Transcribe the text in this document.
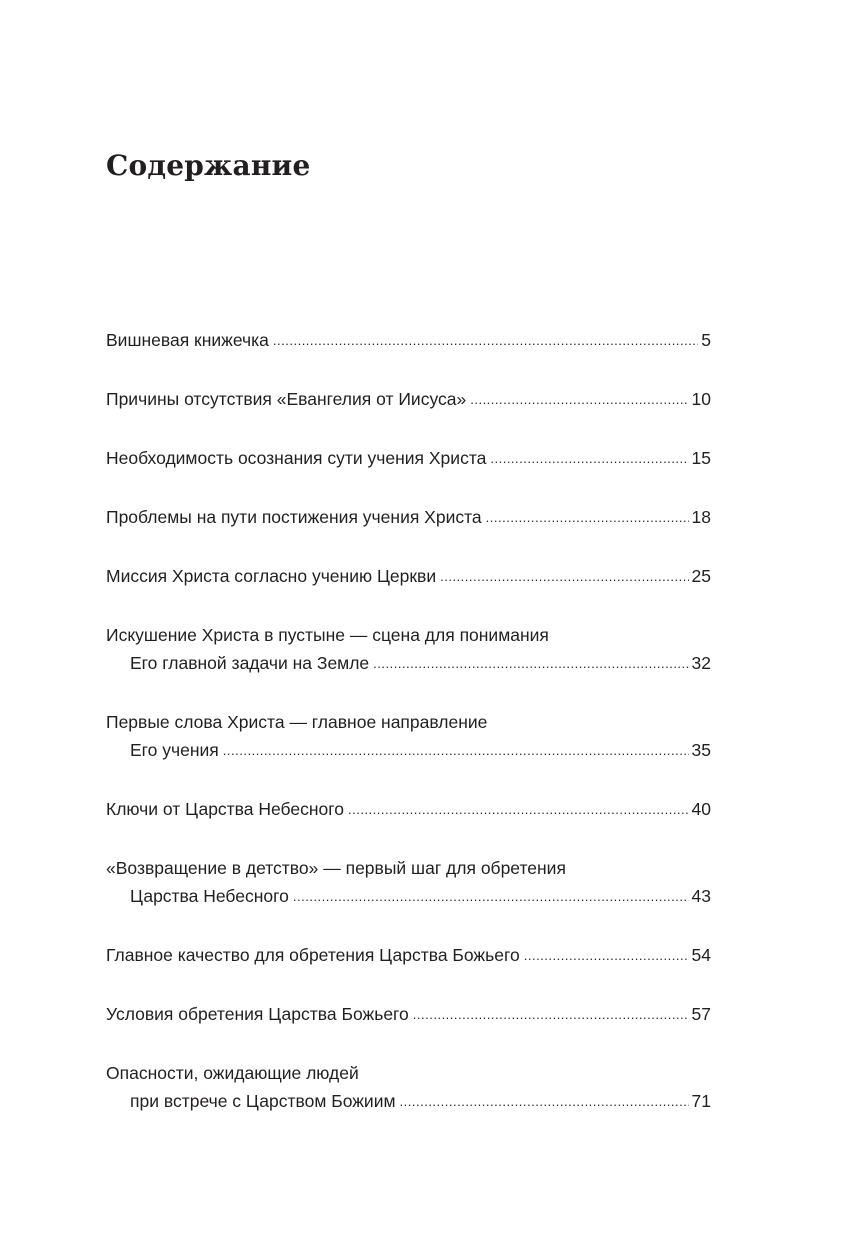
Содержание
Вишневая книжечка .....	5
Причины отсутствия «Евангелия от Иисуса» .....	10
Необходимость осознания сути учения Христа .....	15
Проблемы на пути постижения учения Христа .....	18
Миссия Христа согласно учению Церкви .....	25
Искушение Христа в пустыне — сцена для понимания
Его главной задачи на Земле .....	32
Первые слова Христа — главное направление
Его учения .....	35
Ключи от Царства Небесного .....	40
«Возвращение в детство» — первый шаг для обретения
Царства Небесного .....	43
Главное качество для обретения Царства Божьего .....	54
Условия обретения Царства Божьего .....	57
Опасности, ожидающие людей
при встрече с Царством Божиим .....	71
